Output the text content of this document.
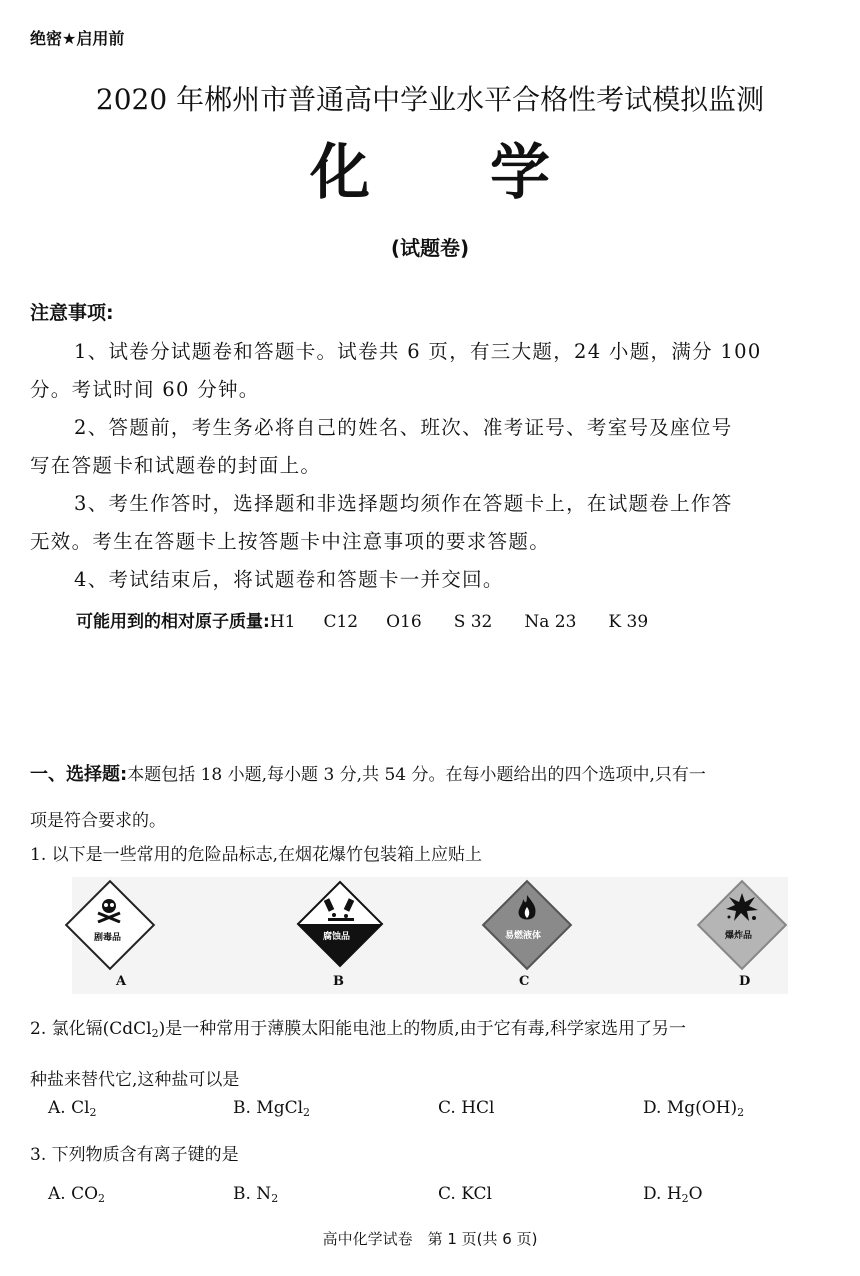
绝密★启用前
2020 年郴州市普通高中学业水平合格性考试模拟监测
化　　学
(试题卷)
注意事项:
1、试卷分试题卷和答题卡。试卷共 6 页，有三大题，24 小题，满分 100
分。考试时间 60 分钟。
2、答题前，考生务必将自己的姓名、班次、准考证号、考室号及座位号
写在答题卡和试题卷的封面上。
3、考生作答时，选择题和非选择题均须作在答题卡上，在试题卷上作答
无效。考生在答题卡上按答题卡中注意事项的要求答题。
4、考试结束后，将试题卷和答题卡一并交回。
可能用到的相对原子质量:H1 C12 O16 S 32 Na 23 K 39
一、选择题:本题包括 18 小题,每小题 3 分,共 54 分。在每小题给出的四个选项中,只有一
项是符合要求的。
1. 以下是一些常用的危险品标志,在烟花爆竹包装箱上应贴上
剧毒品
A
腐蚀品
B
易燃液体
C
爆炸品
D
2. 氯化镉(CdCl$_2$)是一种常用于薄膜太阳能电池上的物质,由于它有毒,科学家选用了另一
种盐来替代它,这种盐可以是
A. $Cl_2$	B. MgCl$_2$	C. HCl	D. $Mg(OH)_2$
3. 下列物质含有离子键的是
A. $CO_2$	B. $N_2$	C. KCl	D. $H_2O$
高中化学试卷　第 1 页(共 6 页)
